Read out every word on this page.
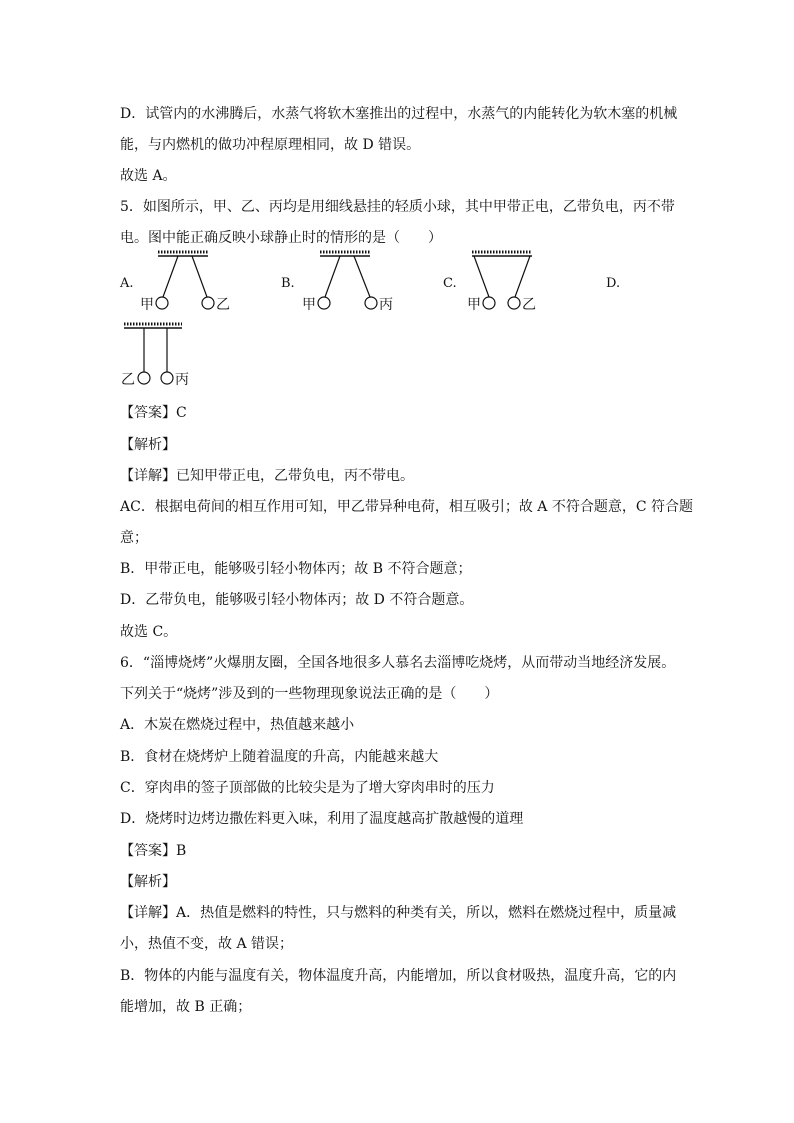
D．试管内的水沸腾后，水蒸气将软木塞推出的过程中，水蒸气的内能转化为软木塞的机械
能，与内燃机的做功冲程原理相同，故 D 错误。
故选 A。
5．如图所示，甲、乙、丙均是用细线悬挂的轻质小球，其中甲带正电，乙带负电，丙不带
电。图中能正确反映小球静止时的情形的是（　　）
A.
甲	乙
B.
甲	丙
C.
甲	乙
D.
乙	丙
【答案】C
【解析】
【详解】已知甲带正电，乙带负电，丙不带电。
AC．根据电荷间的相互作用可知，甲乙带异种电荷，相互吸引；故 A 不符合题意，C 符合题
意；
B．甲带正电，能够吸引轻小物体丙；故 B 不符合题意；
D．乙带负电，能够吸引轻小物体丙；故 D 不符合题意。
故选 C。
6．“淄博烧烤”火爆朋友圈，全国各地很多人慕名去淄博吃烧烤，从而带动当地经济发展。
下列关于“烧烤”涉及到的一些物理现象说法正确的是（　　）
A．木炭在燃烧过程中，热值越来越小
B．食材在烧烤炉上随着温度的升高，内能越来越大
C．穿肉串的签子顶部做的比较尖是为了增大穿肉串时的压力
D．烧烤时边烤边撒佐料更入味，利用了温度越高扩散越慢的道理
【答案】B
【解析】
【详解】A．热值是燃料的特性，只与燃料的种类有关，所以，燃料在燃烧过程中，质量减
小，热值不变，故 A 错误；
B．物体的内能与温度有关，物体温度升高，内能增加，所以食材吸热，温度升高，它的内
能增加，故 B 正确；
